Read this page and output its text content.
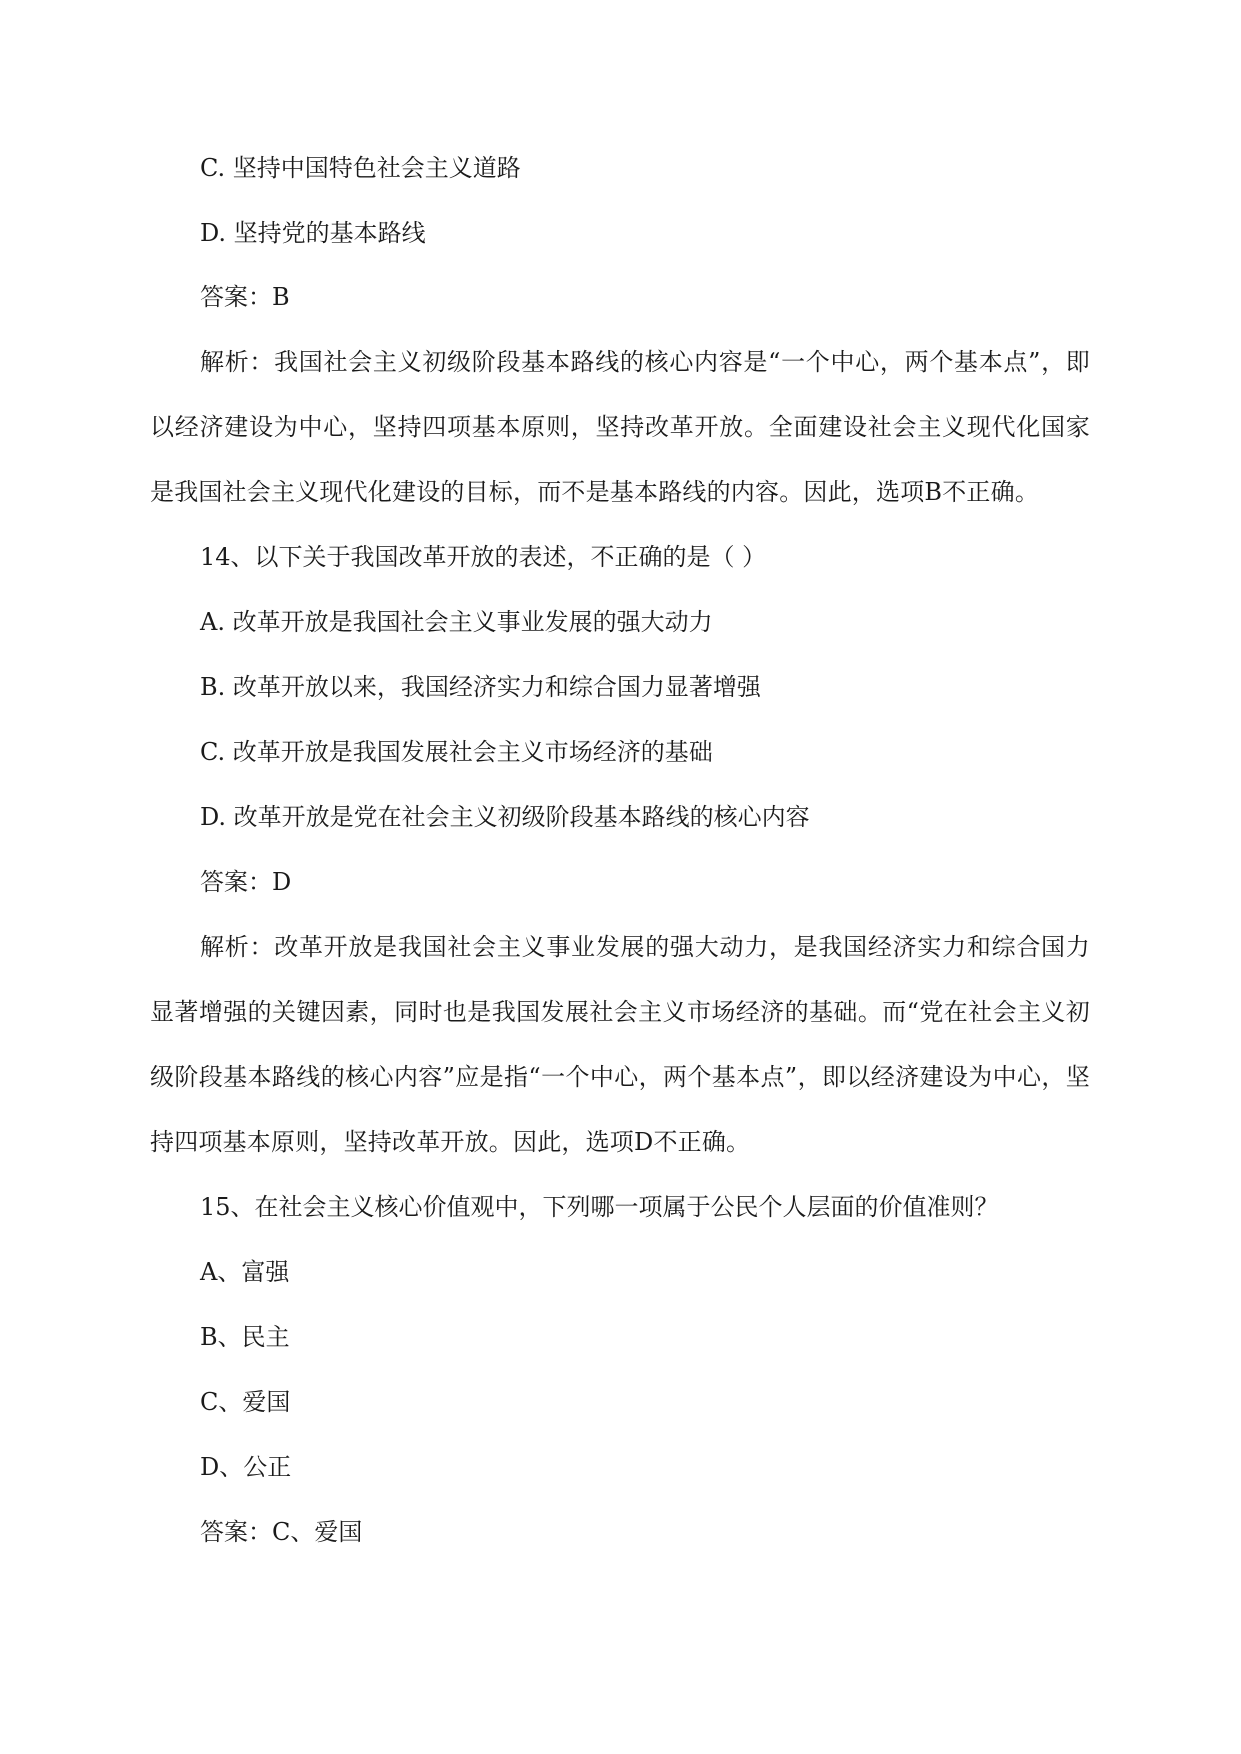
C. 坚持中国特色社会主义道路
D. 坚持党的基本路线
答案：B
解析：我国社会主义初级阶段基本路线的核心内容是“一个中心，两个基本点”，即以经济建设为中心，坚持四项基本原则，坚持改革开放。全面建设社会主义现代化国家是我国社会主义现代化建设的目标，而不是基本路线的内容。因此，选项B不正确。
14、以下关于我国改革开放的表述，不正确的是（ ）
A. 改革开放是我国社会主义事业发展的强大动力
B. 改革开放以来，我国经济实力和综合国力显著增强
C. 改革开放是我国发展社会主义市场经济的基础
D. 改革开放是党在社会主义初级阶段基本路线的核心内容
答案：D
解析：改革开放是我国社会主义事业发展的强大动力，是我国经济实力和综合国力显著增强的关键因素，同时也是我国发展社会主义市场经济的基础。而“党在社会主义初级阶段基本路线的核心内容”应是指“一个中心，两个基本点”，即以经济建设为中心，坚持四项基本原则，坚持改革开放。因此，选项D不正确。
15、在社会主义核心价值观中，下列哪一项属于公民个人层面的价值准则？
A、富强
B、民主
C、爱国
D、公正
答案：C、爱国
